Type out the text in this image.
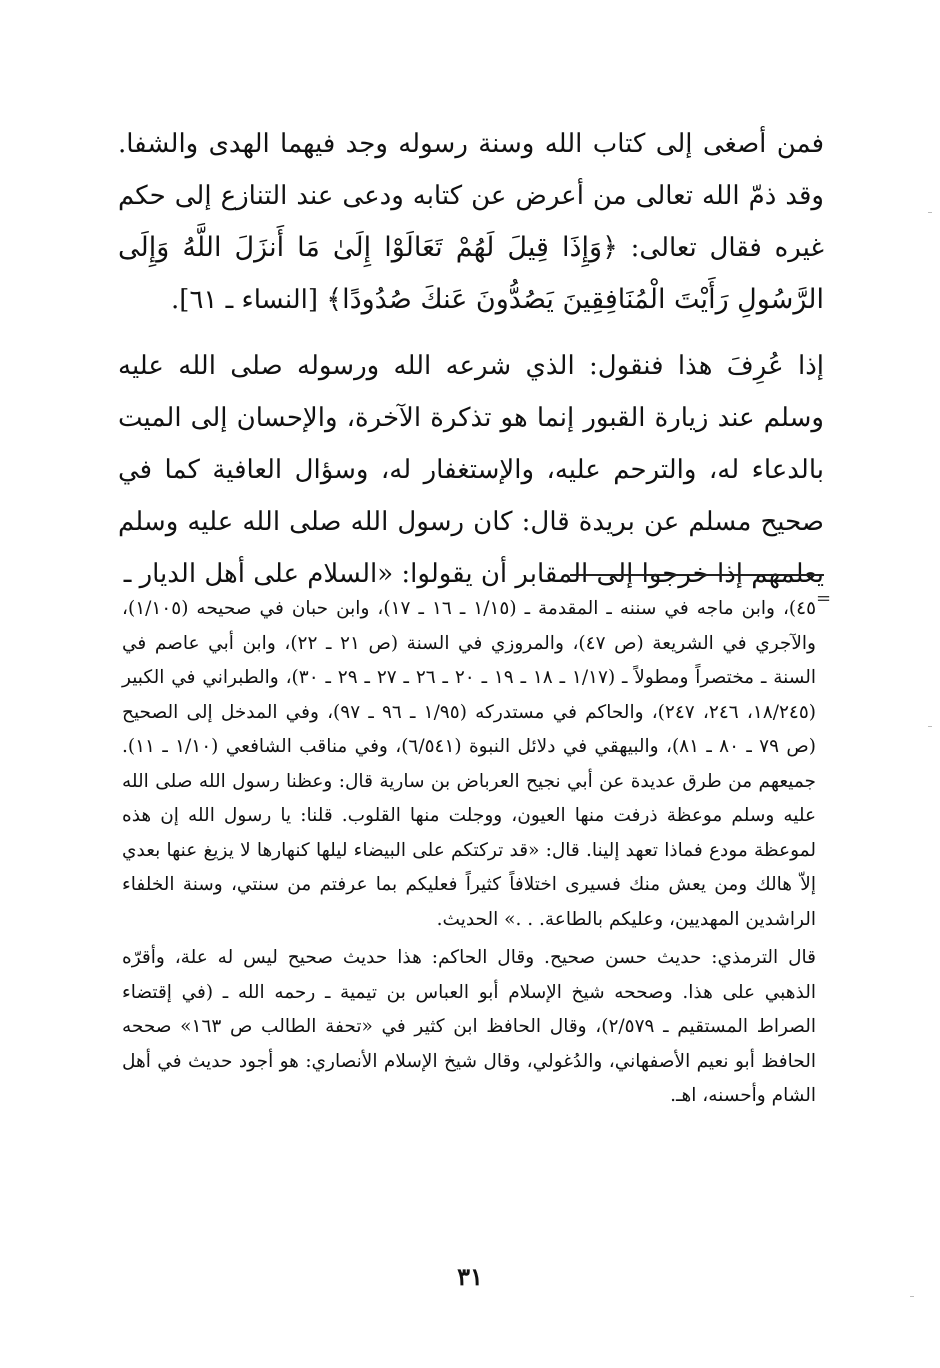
فمن أصغى إلى كتاب الله وسنة رسوله وجد فيهما الهدى والشفا. وقد ذمّ الله تعالى من أعرض عن كتابه ودعى عند التنازع إلى حكم غيره فقال تعالى: ﴿وَإِذَا قِيلَ لَهُمْ تَعَالَوْا إِلَىٰ مَا أَنزَلَ اللَّهُ وَإِلَى الرَّسُولِ رَأَيْتَ الْمُنَافِقِينَ يَصُدُّونَ عَنكَ صُدُودًا﴾ [النساء ـ ٦١].

إذا عُرِفَ هذا فنقول: الذي شرعه الله ورسوله صلى الله عليه وسلم عند زيارة القبور إنما هو تذكرة الآخرة، والإحسان إلى الميت بالدعاء له، والترحم عليه، والإستغفار له، وسؤال العافية كما في صحيح مسلم عن بريدة قال: كان رسول الله صلى الله عليه وسلم يعلمهم إذا خرجوا إلى المقابر أن يقولوا: «السلام على أهل الديار ـ

=

٤٥)، وابن ماجه في سننه ـ المقدمة ـ (١/١٥ ـ ١٦ ـ ١٧)، وابن حبان في صحيحه (١/١٠٥)، والآجري في الشريعة (ص ٤٧)، والمروزي في السنة (ص ٢١ ـ ٢٢)، وابن أبي عاصم في السنة ـ مختصراً ومطولاً ـ (١/١٧ ـ ١٨ ـ ١٩ ـ ٢٠ ـ ٢٦ ـ ٢٧ ـ ٢٩ ـ ٣٠)، والطبراني في الكبير (١٨/٢٤٥، ٢٤٦، ٢٤٧)، والحاكم في مستدركه (١/٩٥ ـ ٩٦ ـ ٩٧)، وفي المدخل إلى الصحيح (ص ٧٩ ـ ٨٠ ـ ٨١)، والبيهقي في دلائل النبوة (٦/٥٤١)، وفي مناقب الشافعي (١/١٠ ـ ١١). جميعهم من طرق عديدة عن أبي نجيح العرباض بن سارية قال: وعظنا رسول الله صلى الله عليه وسلم موعظة ذرفت منها العيون، ووجلت منها القلوب. قلنا: يا رسول الله إن هذه لموعظة مودع فماذا تعهد إلينا. قال: «قد تركتكم على البيضاء ليلها كنهارها لا يزيغ عنها بعدي إلاّ هالك ومن يعش منك فسيرى اختلافاً كثيراً فعليكم بما عرفتم من سنتي، وسنة الخلفاء الراشدين المهديين، وعليكم بالطاعة. . .» الحديث.

قال الترمذي: حديث حسن صحيح. وقال الحاكم: هذا حديث صحيح ليس له علة، وأقرّه الذهبي على هذا. وصححه شيخ الإسلام أبو العباس بن تيمية ـ رحمه الله ـ (في إقتضاء الصراط المستقيم ـ ٢/٥٧٩)، وقال الحافظ ابن كثير في «تحفة الطالب ص ١٦٣» صححه الحافظ أبو نعيم الأصفهاني، والدُغولي، وقال شيخ الإسلام الأنصاري: هو أجود حديث في أهل الشام وأحسنه، اهـ.

٣١
